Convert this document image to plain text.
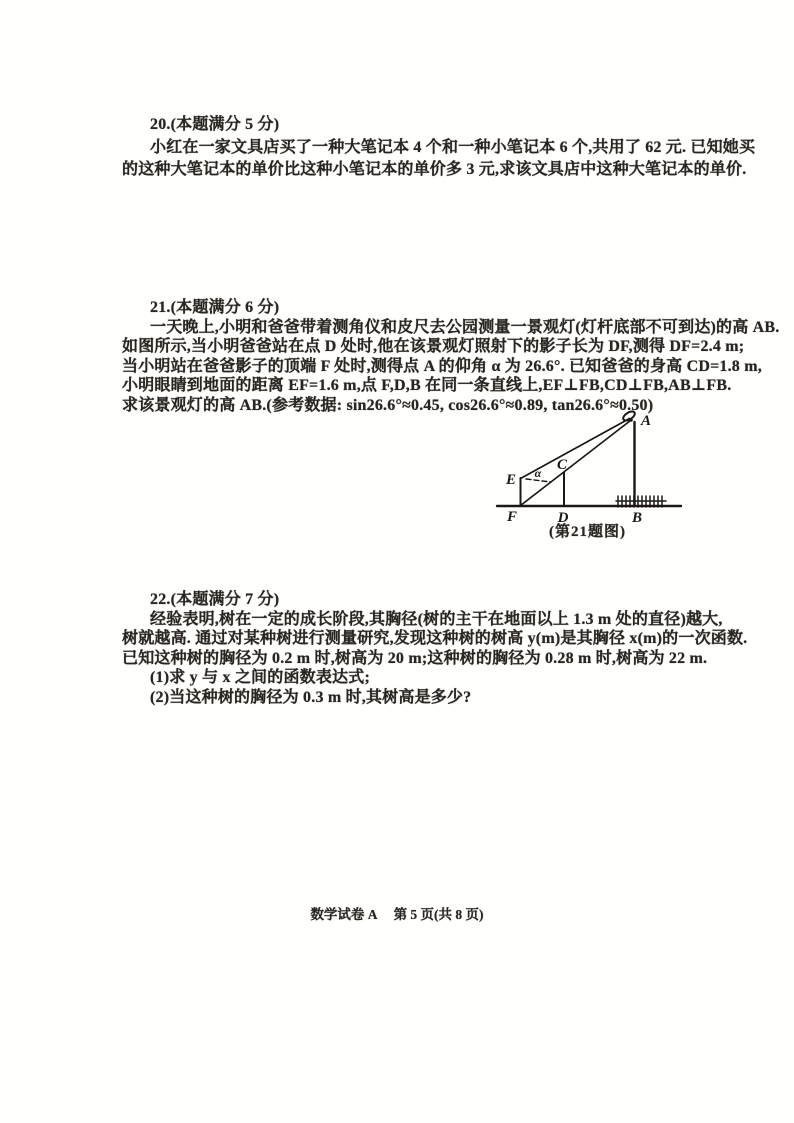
20.(本题满分 5 分)
小红在一家文具店买了一种大笔记本 4 个和一种小笔记本 6 个,共用了 62 元. 已知她买
的这种大笔记本的单价比这种小笔记本的单价多 3 元,求该文具店中这种大笔记本的单价.
21.(本题满分 6 分)
一天晚上,小明和爸爸带着测角仪和皮尺去公园测量一景观灯(灯杆底部不可到达)的高 AB.
如图所示,当小明爸爸站在点 D 处时,他在该景观灯照射下的影子长为 DF,测得 DF=2.4 m;
当小明站在爸爸影子的顶端 F 处时,测得点 A 的仰角 α 为 26.6°. 已知爸爸的身高 CD=1.8 m,
小明眼睛到地面的距离 EF=1.6 m,点 F,D,B 在同一条直线上,EF⊥FB,CD⊥FB,AB⊥FB.
求该景观灯的高 AB.(参考数据: sin26.6°≈0.45, cos26.6°≈0.89, tan26.6°≈0.50)
A
E
C
F	D	B
α
(第21题图)
22.(本题满分 7 分)
经验表明,树在一定的成长阶段,其胸径(树的主干在地面以上 1.3 m 处的直径)越大,
树就越高. 通过对某种树进行测量研究,发现这种树的树高 y(m)是其胸径 x(m)的一次函数.
已知这种树的胸径为 0.2 m 时,树高为 20 m;这种树的胸径为 0.28 m 时,树高为 22 m.
(1)求 y 与 x 之间的函数表达式;
(2)当这种树的胸径为 0.3 m 时,其树高是多少?
数学试卷 A 第 5 页(共 8 页)
